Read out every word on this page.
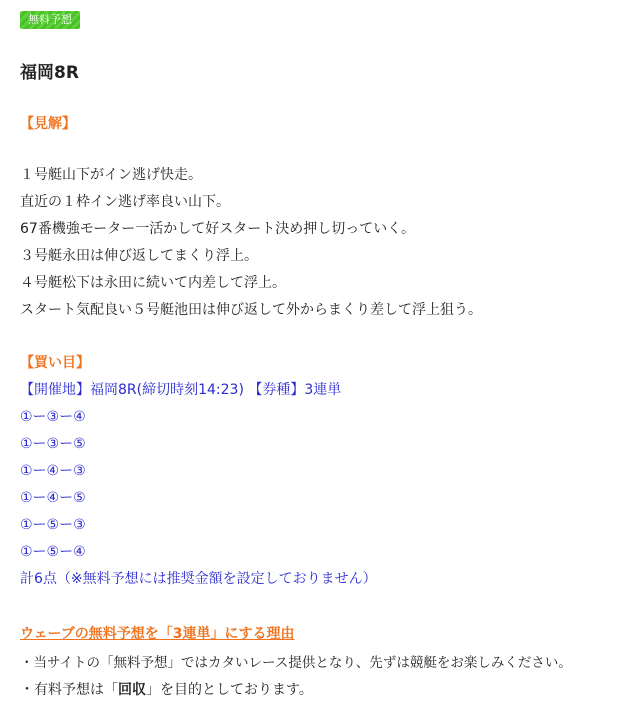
無料予想
福岡8R
【見解】
１号艇山下がイン逃げ快走。
直近の１枠イン逃げ率良い山下。
67番機強モーター一活かして好スタート決め押し切っていく。
３号艇永田は伸び返してまくり浮上。
４号艇松下は永田に続いて内差して浮上。
スタート気配良い５号艇池田は伸び返して外からまくり差して浮上狙う。
【買い目】
【開催地】福岡8R(締切時刻14:23) 【券種】3連単
①ー③ー④
①ー③ー⑤
①ー④ー③
①ー④ー⑤
①ー⑤ー③
①ー⑤ー④
計6点（※無料予想には推奨金額を設定しておりません）
ウェーブの無料予想を「3連単」にする理由
・当サイトの「無料予想」ではカタいレース提供となり、先ずは競艇をお楽しみください。
・有料予想は「回収」を目的としております。
